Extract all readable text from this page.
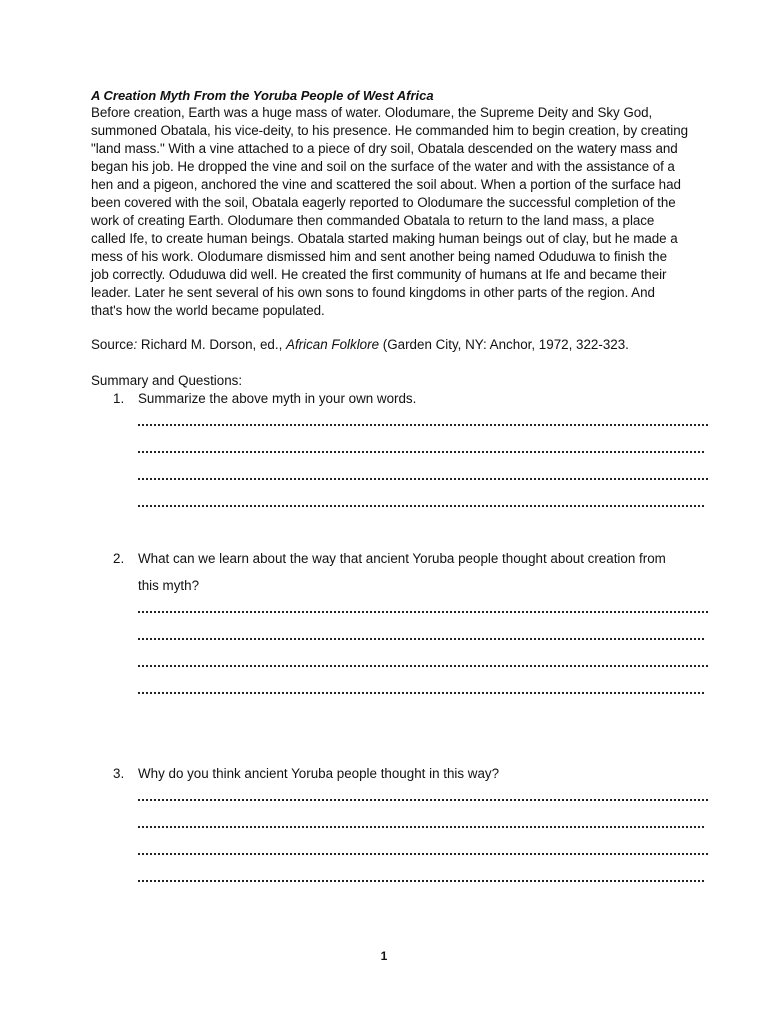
A Creation Myth From the Yoruba People of West Africa
Before creation, Earth was a huge mass of water. Olodumare, the Supreme Deity and Sky God,
summoned Obatala, his vice-deity, to his presence. He commanded him to begin creation, by creating
"land mass." With a vine attached to a piece of dry soil, Obatala descended on the watery mass and
began his job. He dropped the vine and soil on the surface of the water and with the assistance of a
hen and a pigeon, anchored the vine and scattered the soil about. When a portion of the surface had
been covered with the soil, Obatala eagerly reported to Olodumare the successful completion of the
work of creating Earth. Olodumare then commanded Obatala to return to the land mass, a place
called Ife, to create human beings. Obatala started making human beings out of clay, but he made a
mess of his work. Olodumare dismissed him and sent another being named Oduduwa to finish the
job correctly. Oduduwa did well. He created the first community of humans at Ife and became their
leader. Later he sent several of his own sons to found kingdoms in other parts of the region. And
that's how the world became populated.
Source: Richard M. Dorson, ed., African Folklore (Garden City, NY: Anchor, 1972, 322-323.
Summary and Questions:
1. Summarize the above myth in your own words.
2. What can we learn about the way that ancient Yoruba people thought about creation from
this myth?
3. Why do you think ancient Yoruba people thought in this way?
1
